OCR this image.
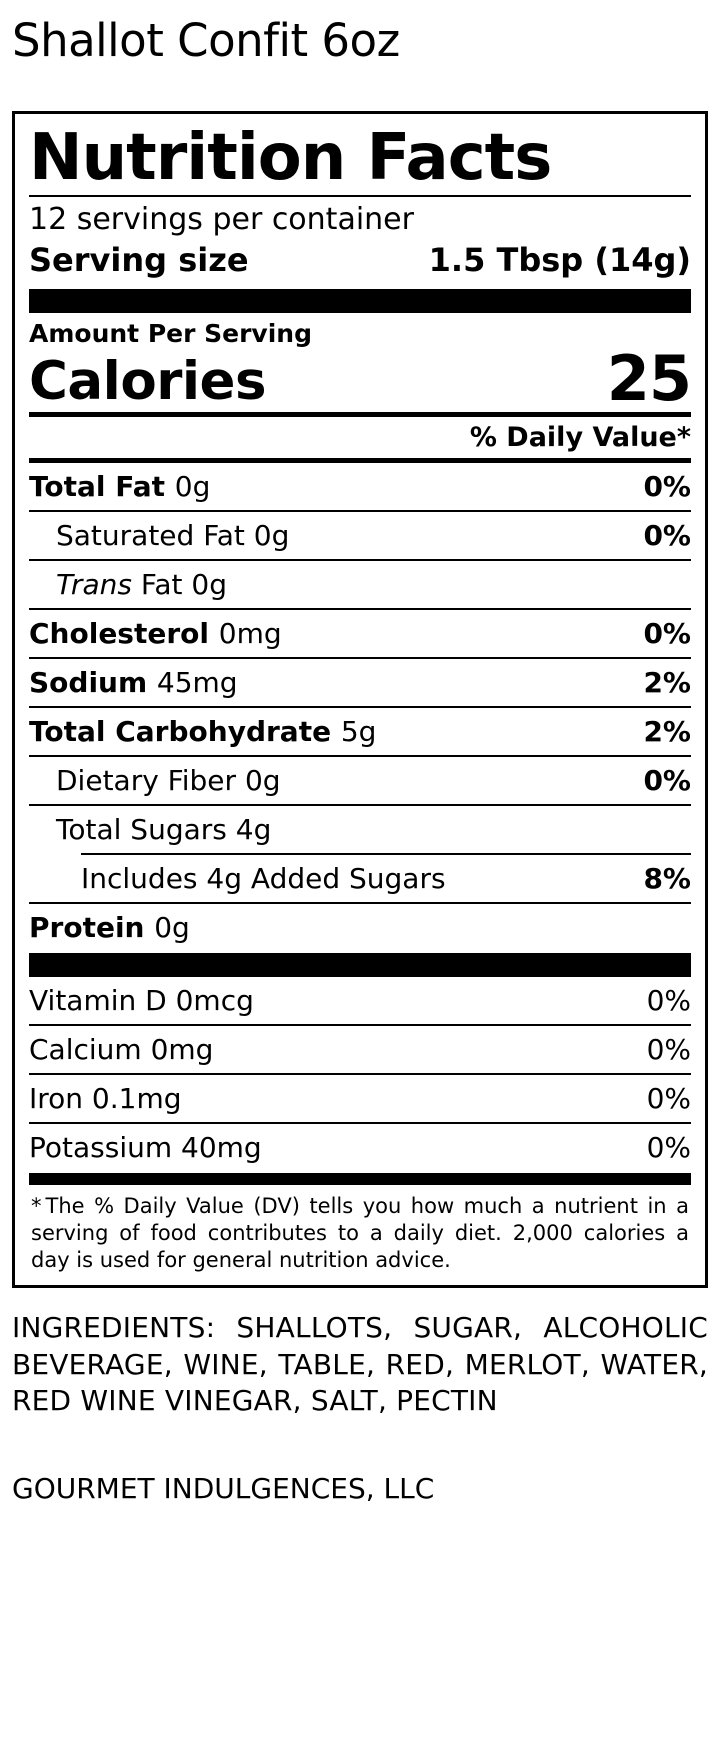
Shallot Confit 6oz
Nutrition Facts
12 servings per container
Serving size	1.5 Tbsp (14g)
Amount Per Serving
Calories	25
% Daily Value*
Total Fat 0g	0%
Saturated Fat 0g	0%
Trans Fat 0g
Cholesterol 0mg	0%
Sodium 45mg	2%
Total Carbohydrate 5g	2%
Dietary Fiber 0g	0%
Total Sugars 4g
Includes 4g Added Sugars	8%
Protein 0g
Vitamin D 0mcg	0%
Calcium 0mg	0%
Iron 0.1mg	0%
Potassium 40mg	0%
* The % Daily Value (DV) tells you how much a nutrient in a serving of food contributes to a daily diet. 2,000 calories a day is used for general nutrition advice.
INGREDIENTS: SHALLOTS, SUGAR, ALCOHOLIC BEVERAGE, WINE, TABLE, RED, MERLOT, WATER, RED WINE VINEGAR, SALT, PECTIN
GOURMET INDULGENCES, LLC
